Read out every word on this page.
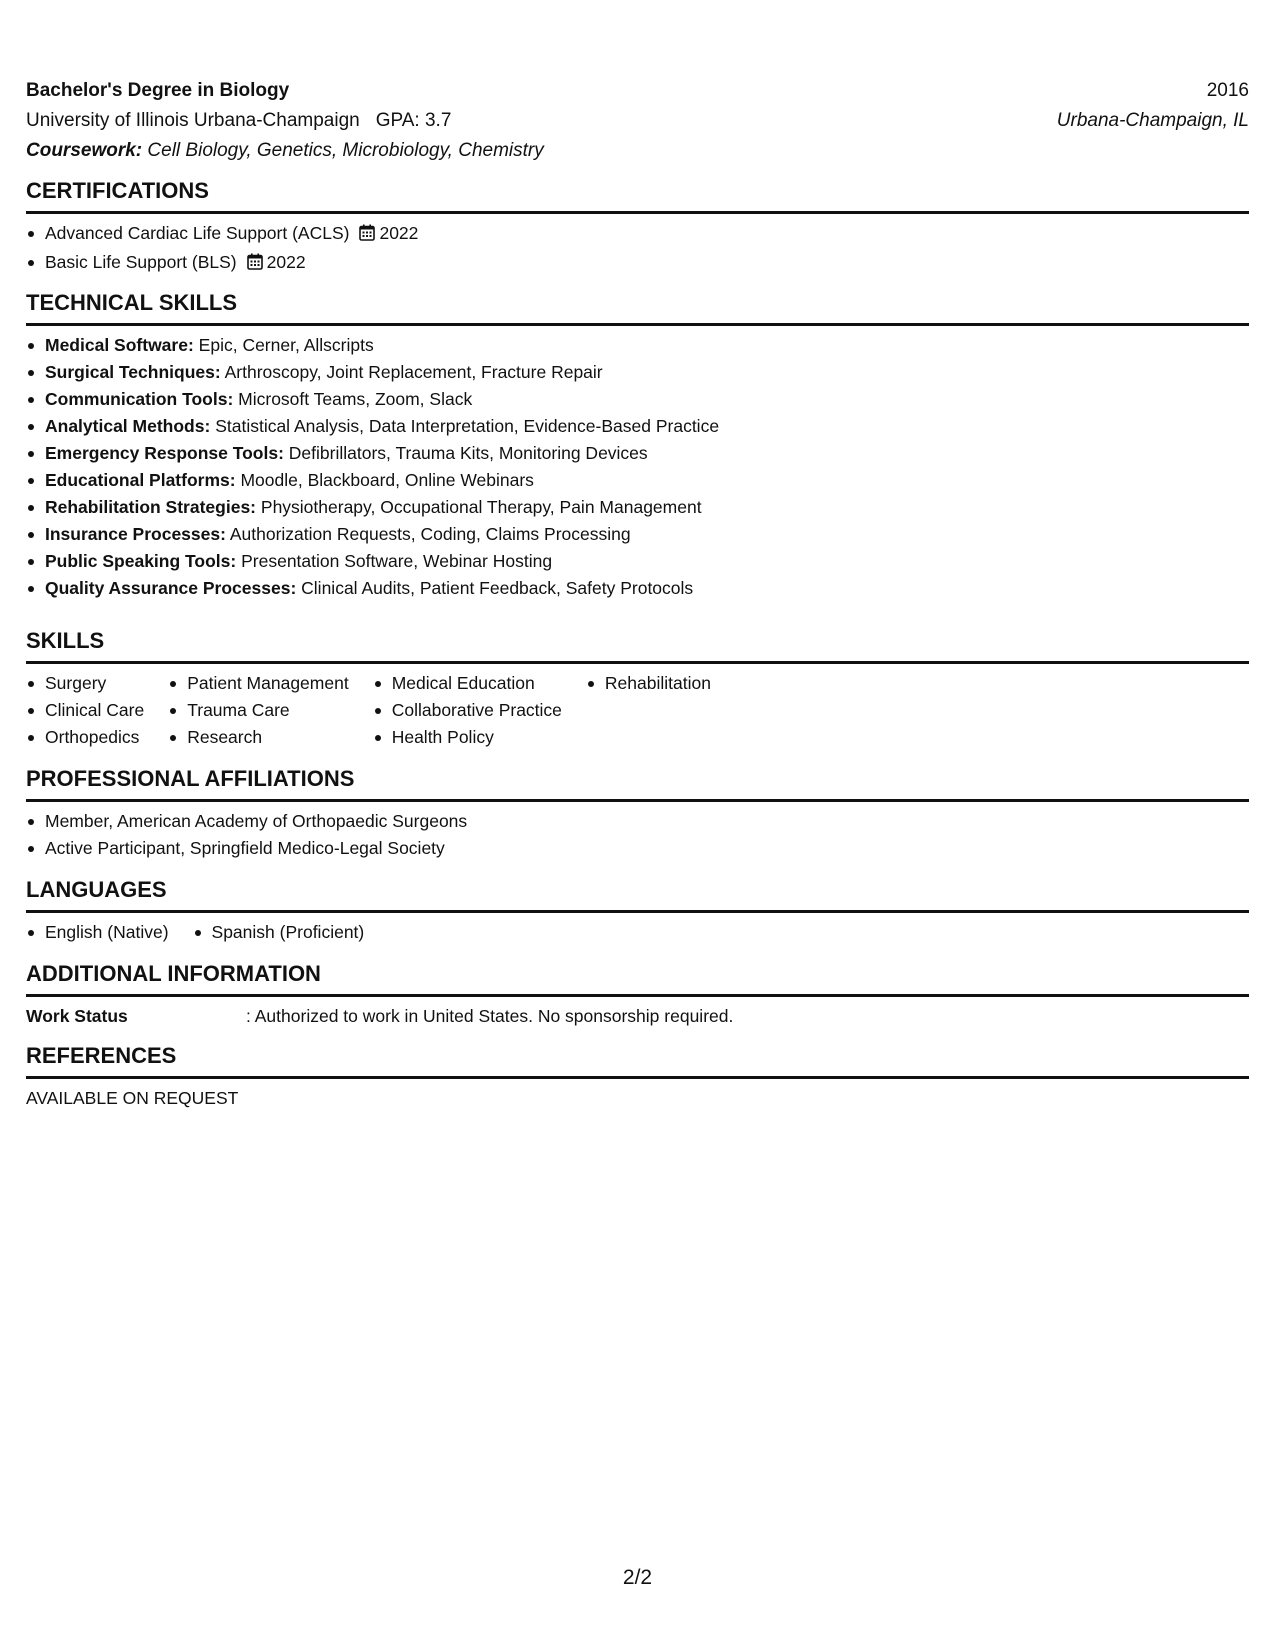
Bachelor's Degree in Biology	2016
University of Illinois Urbana-Champaign GPA: 3.7	Urbana-Champaign, IL
Coursework: Cell Biology, Genetics, Microbiology, Chemistry
CERTIFICATIONS
Advanced Cardiac Life Support (ACLS) 2022
Basic Life Support (BLS) 2022
TECHNICAL SKILLS
Medical Software: Epic, Cerner, Allscripts
Surgical Techniques: Arthroscopy, Joint Replacement, Fracture Repair
Communication Tools: Microsoft Teams, Zoom, Slack
Analytical Methods: Statistical Analysis, Data Interpretation, Evidence-Based Practice
Emergency Response Tools: Defibrillators, Trauma Kits, Monitoring Devices
Educational Platforms: Moodle, Blackboard, Online Webinars
Rehabilitation Strategies: Physiotherapy, Occupational Therapy, Pain Management
Insurance Processes: Authorization Requests, Coding, Claims Processing
Public Speaking Tools: Presentation Software, Webinar Hosting
Quality Assurance Processes: Clinical Audits, Patient Feedback, Safety Protocols
SKILLS
Surgery
Clinical Care
Orthopedics
Patient Management
Trauma Care
Research
Medical Education
Collaborative Practice
Health Policy
Rehabilitation
PROFESSIONAL AFFILIATIONS
Member, American Academy of Orthopaedic Surgeons
Active Participant, Springfield Medico-Legal Society
LANGUAGES
English (Native)	Spanish (Proficient)
ADDITIONAL INFORMATION
Work Status	: Authorized to work in United States. No sponsorship required.
REFERENCES
AVAILABLE ON REQUEST
2/2
